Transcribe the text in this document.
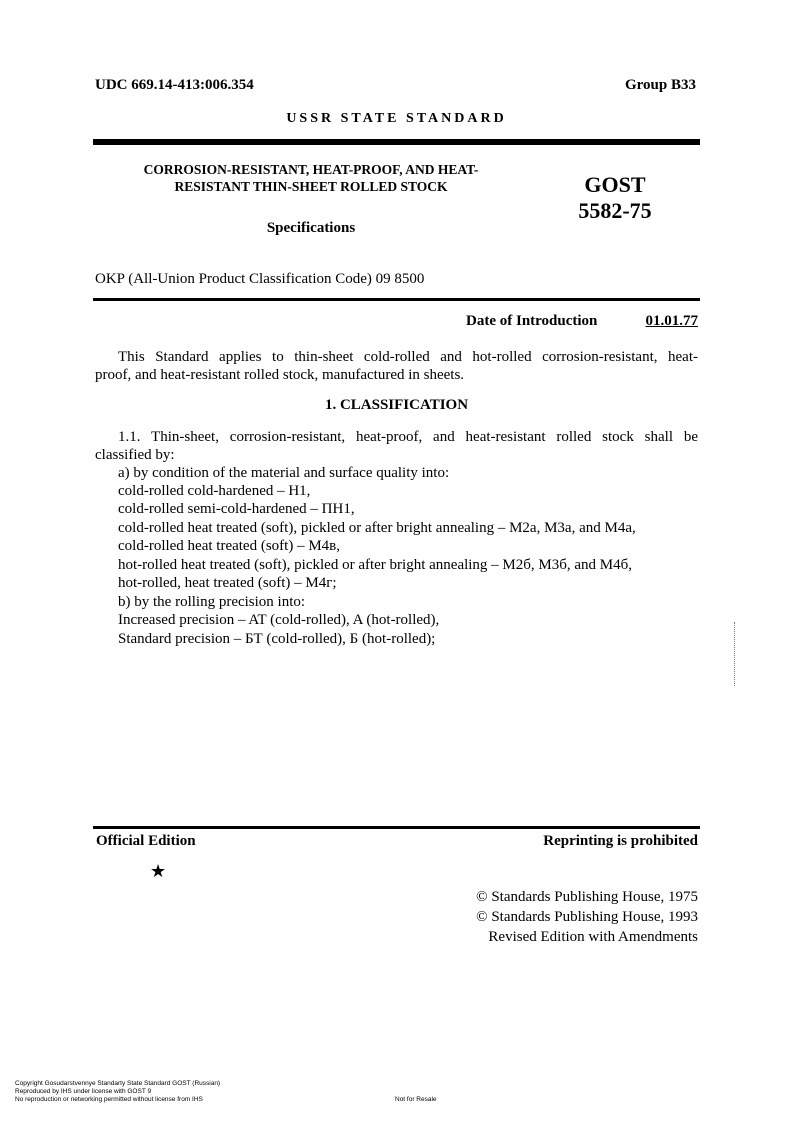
UDC 669.14-413:006.354	Group B33
USSR STATE STANDARD
CORROSION-RESISTANT, HEAT-PROOF, AND HEAT-
RESISTANT THIN-SHEET ROLLED STOCK
Specifications
GOST
5582-75
OKP (All-Union Product Classification Code) 09 8500
Date of Introduction	01.01.77
This Standard applies to thin-sheet cold-rolled and hot-rolled corrosion-resistant, heat-
proof, and heat-resistant rolled stock, manufactured in sheets.
1. CLASSIFICATION
1.1. Thin-sheet, corrosion-resistant, heat-proof, and heat-resistant rolled stock shall be
classified by:
a) by condition of the material and surface quality into:
cold-rolled cold-hardened – H1,
cold-rolled semi-cold-hardened – ПН1,
cold-rolled heat treated (soft), pickled or after bright annealing – M2a, M3a, and M4a,
cold-rolled heat treated (soft) – M4в,
hot-rolled heat treated (soft), pickled or after bright annealing – M2б, M3б, and M4б,
hot-rolled, heat treated (soft) – M4г;
b) by the rolling precision into:
Increased precision – AT (cold-rolled), A (hot-rolled),
Standard precision – БТ (cold-rolled), Б (hot-rolled);
Official Edition	Reprinting is prohibited
★
© Standards Publishing House, 1975
© Standards Publishing House, 1993
Revised Edition with Amendments
Copyright Gosudarstvennye Standarty State Standard GOST (Russian)
Reproduced by IHS under license with GOST 9
No reproduction or networking permitted without license from IHS	Not for Resale
